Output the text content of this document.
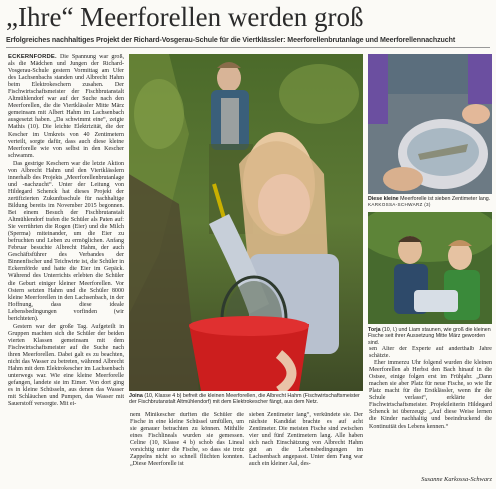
„Ihre“ Meerforellen werden groß
Erfolgreiches nachhaltiges Projekt der Richard-Vosgerau-Schule für die Viertklässler: Meerforellenbrutanlage und Meerforellennachzucht

ECKERNFÖRDE. Die Spannung war groß, als die Mädchen und Jungen der Richard-Vosgerau-Schule gestern Vormittag am Ufer des Lachsenbachs standen und Albrecht Hahm beim Elektrokeschern zusahen. Der Fischwirtschaftsmeister der Fischbrutanstalt Altmühlendorf war auf der Suche nach den Meerforellen, die die Viertklässler Mitte März gemeinsam mit Albert Hahm im Lachsenbach ausgesetzt haben. „Da schwimmt eine“, zeigte Mathis (10). Die leichte Elektrizität, die der Kescher im Umkreis von 40 Zentimetern verteilt, sorgte dafür, dass auch diese kleine Meerforelle wie von selbst in den Kescher schwamm.

Das gestrige Keschern war die letzte Aktion von Albrecht Hahm und den Viertklässlern innerhalb des Projekts „Meerforellenbrutanlage und -nachzucht“. Unter der Leitung von Hildegard Schenck hat dieses Projekt der zertifizierten Zukunftsschule für nachhaltige Bildung bereits im November 2015 begonnen. Bei einem Besuch der Fischbrutanstalt Altmühlendorf trafen die Schüler als Paten auf: Sie verrührten die Rogen (Eier) und die Milch (Sperma) miteinander, um die Eier zu befruchten und Leben zu ermöglichen. Anfang Februar besuchte Albrecht Hahm, der auch Geschäftsführer des Verbandes der Binnenfischer und Teichwirte ist, die Schüler in Eckernförde und hatte die Eier im Gepäck. Während des Unterrichts erlebten die Schüler die Geburt einiger kleiner Meerforellen. Vor Ostern setzten Hahm und die Schüler 8000 kleine Meerforellen in den Lachsenbach, in der Hoffnung, dass diese ideale Lebensbedingungen vorfinden (wir berichteten).

Gestern war der große Tag. Aufgeteilt in Gruppen machten sich die Schüler der beiden vierten Klassen gemeinsam mit dem Fischwirtschaftsmeister auf die Suche nach ihren Meerforellen. Dabei galt es zu beachten, nicht das Wasser zu betreten, während Albrecht Hahm mit dem Elektrokescher im Lachsenbach unterwegs war. Wie eine kleine Meerforelle gefangen, landete sie im Eimer. Von dort ging es in kleine Schüsseln, aus denen das Wasser mit Schläuchen und Pumpen, das Wasser mit Sauerstoff versorgte. Mit ei-

Joina (10, Klasse 4 b) befreit die kleinen Meerforellen, die Albrecht Hahm (Fischwirtschaftsmeister der Fischbrutanstalt Altmühlendorf) mit dem Elektrokescher fängt, aus dem Netz.

nem Minikescher durften die Schüler die Fische in eine kleine Schüssel umfüllen, um sie genauer betrachten zu können. Mithilfe eines Fischlineals wurden sie gemessen. Celine (10, Klasse 4 b) schob das Lineal vorsichtig unter die Fische, so dass sie trotz Zappelns nicht so schnell flüchten konnten. „Diese Meerforelle ist

sieben Zentimeter lang“, verkündete sie. Der nächste Kandidat brachte es auf acht Zentimeter. Die meisten Fische sind zwischen vier und fünf Zentimetern lang. Alle haben sich nach Einschätzung von Albrecht Hahm gut an die Lebensbedingungen im Lachsenbach angepasst. Unter dem Fang war auch ein kleiner Aal, des-

Diese kleine Meerforelle ist sieben Zentimeter lang. KARKOSSA-SCHWARZ (3)

Torja (10, l.) und Liam staunen, wie groß die kleinen Fische seit ihrer Aussetzung Mitte März geworden sind.

sen Alter der Experte auf anderthalb Jahre schätzte.

Eher immerzu Uhr folgend wurden die kleinen Meerforellen ab Herbst den Bach hinauf in die Ostsee, einige folgen erst im Frühjahr. „Dann machen sie aber Platz für neue Fische, so wie Ihr Platz macht für die Erstklässler, wenn ihr die Schule verlasst“, erklärte der Fischwirtschaftsmeister. Projektleiterin Hildegard Schenck ist überzeugt: „Auf diese Weise lernen die Kinder nachhaltig und beeindruckend die Kontinuität des Lebens kennen.“

Susanne Karkossa-Schwarz
